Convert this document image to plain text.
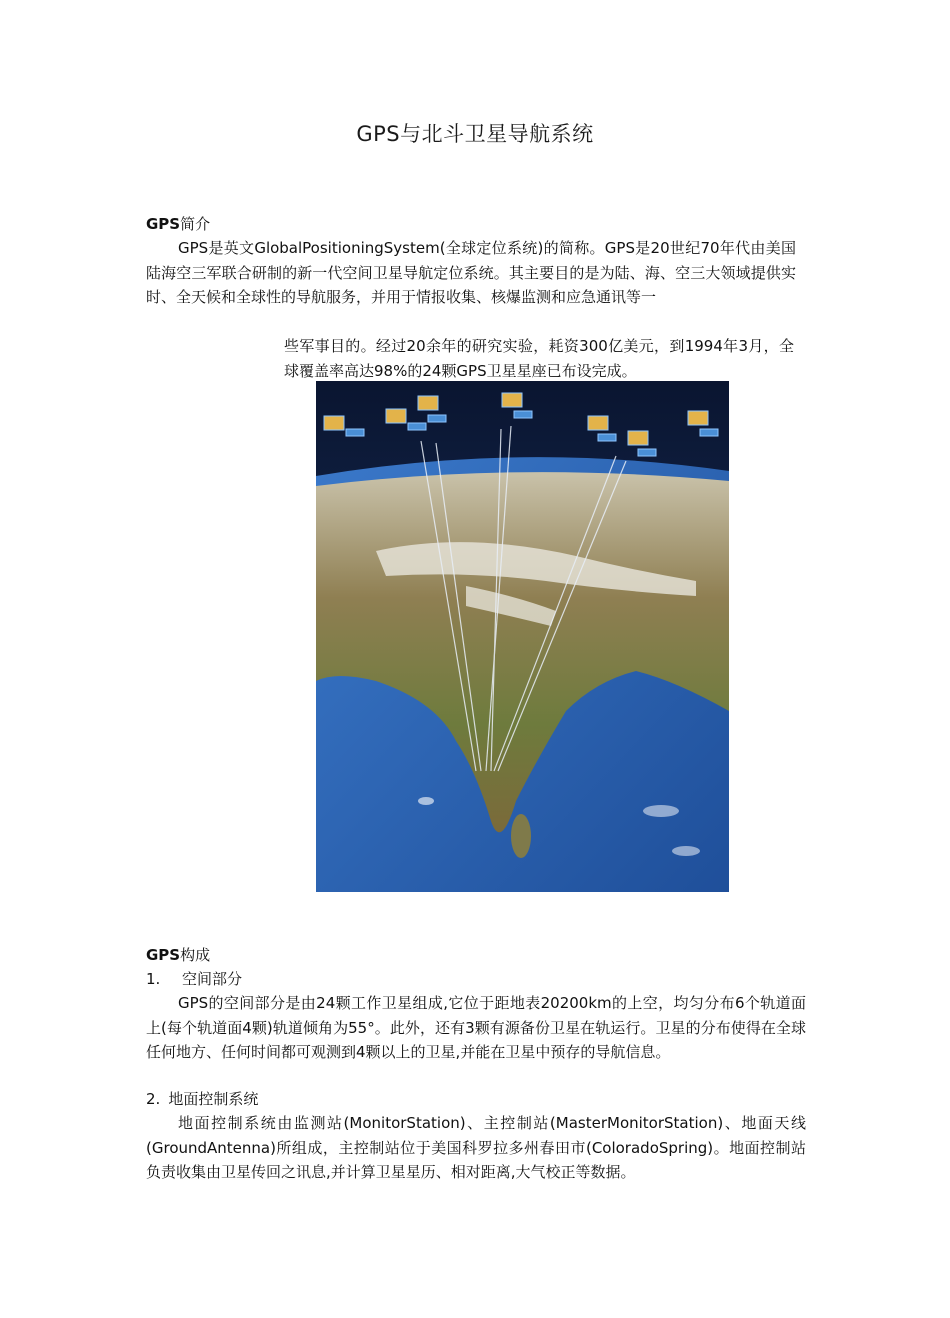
GPS与北斗卫星导航系统
GPS简介

GPS是英文GlobalPositioningSystem(全球定位系统)的简称。GPS是20世纪70年代由美国陆海空三军联合研制的新一代空间卫星导航定位系统。其主要目的是为陆、海、空三大领域提供实时、全天候和全球性的导航服务，并用于情报收集、核爆监测和应急通讯等一

些军事目的。经过20余年的研究实验，耗资300亿美元，到1994年3月，全球覆盖率高达98%的24颗GPS卫星星座已布设完成。

GPS构成
1. 空间部分

GPS的空间部分是由24颗工作卫星组成,它位于距地表20200km的上空，均匀分布6个轨道面上(每个轨道面4颗)轨道倾角为55°。此外，还有3颗有源备份卫星在轨运行。卫星的分布使得在全球任何地方、任何时间都可观测到4颗以上的卫星,并能在卫星中预存的导航信息。

2. 地面控制系统

地面控制系统由监测站(MonitorStation)、主控制站(MasterMonitorStation)、地面天线(GroundAntenna)所组成，主控制站位于美国科罗拉多州春田市(ColoradoSpring)。地面控制站负责收集由卫星传回之讯息,并计算卫星星历、相对距离,大气校正等数据。
